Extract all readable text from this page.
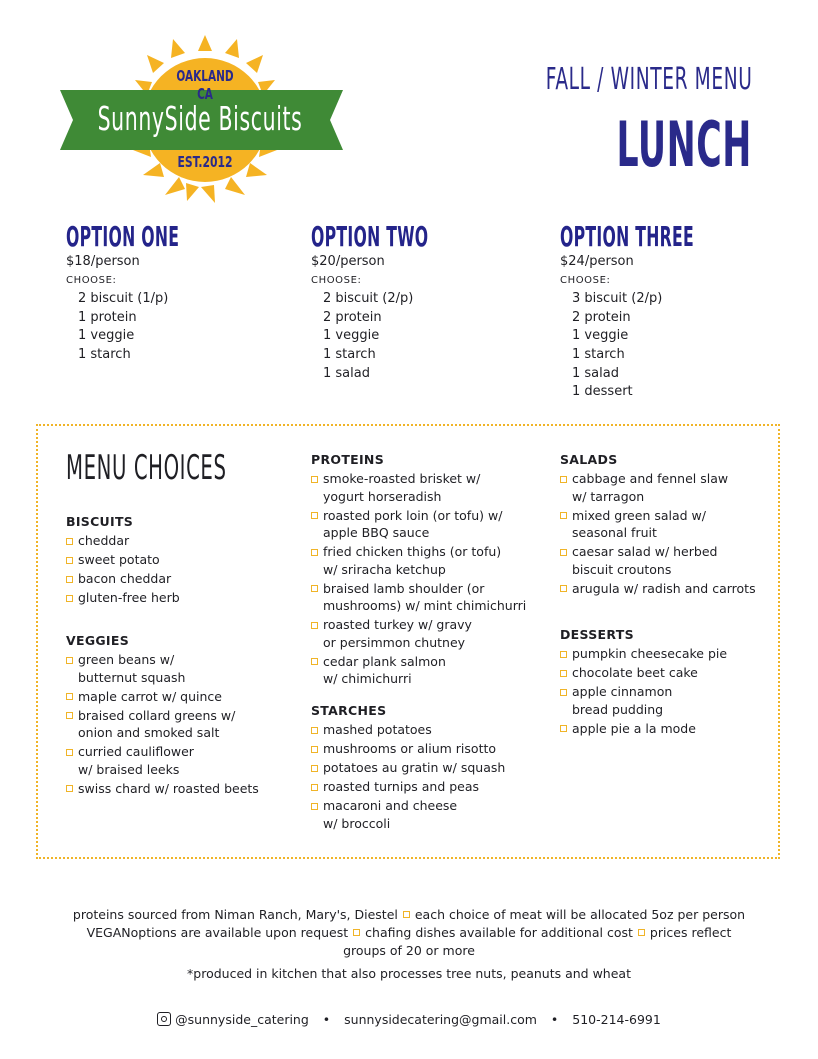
OAKLAND CA
SunnySide Biscuits
EST.2012
FALL / WINTER MENU
LUNCH
OPTION ONE
$18/person
CHOOSE:
2 biscuit (1/p)
1 protein
1 veggie
1 starch
OPTION TWO
$20/person
CHOOSE:
2 biscuit (2/p)
2 protein
1 veggie
1 starch
1 salad
OPTION THREE
$24/person
CHOOSE:
3 biscuit (2/p)
2 protein
1 veggie
1 starch
1 salad
1 dessert
MENU CHOICES
BISCUITS
cheddar
sweet potato
bacon cheddar
gluten-free herb
VEGGIES
green beans w/ butternut squash
maple carrot w/ quince
braised collard greens w/ onion and smoked salt
curried cauliflower w/ braised leeks
swiss chard w/ roasted beets
PROTEINS
smoke-roasted brisket w/ yogurt horseradish
roasted pork loin (or tofu) w/ apple BBQ sauce
fried chicken thighs (or tofu) w/ sriracha ketchup
braised lamb shoulder (or mushrooms) w/ mint chimichurri
roasted turkey w/ gravy or persimmon chutney
cedar plank salmon w/ chimichurri
STARCHES
mashed potatoes
mushrooms or alium risotto
potatoes au gratin w/ squash
roasted turnips and peas
macaroni and cheese w/ broccoli
SALADS
cabbage and fennel slaw w/ tarragon
mixed green salad w/ seasonal fruit
caesar salad w/ herbed biscuit croutons
arugula w/ radish and carrots
DESSERTS
pumpkin cheesecake pie
chocolate beet cake
apple cinnamon bread pudding
apple pie a la mode
proteins sourced from Niman Ranch, Mary's, Diestel each choice of meat will be allocated 5oz per person
VEGANoptions are available upon request chafing dishes available for additional cost prices reflect
groups of 20 or more
*produced in kitchen that also processes tree nuts, peanuts and wheat
@sunnyside_catering • sunnysidecatering@gmail.com • 510-214-6991
